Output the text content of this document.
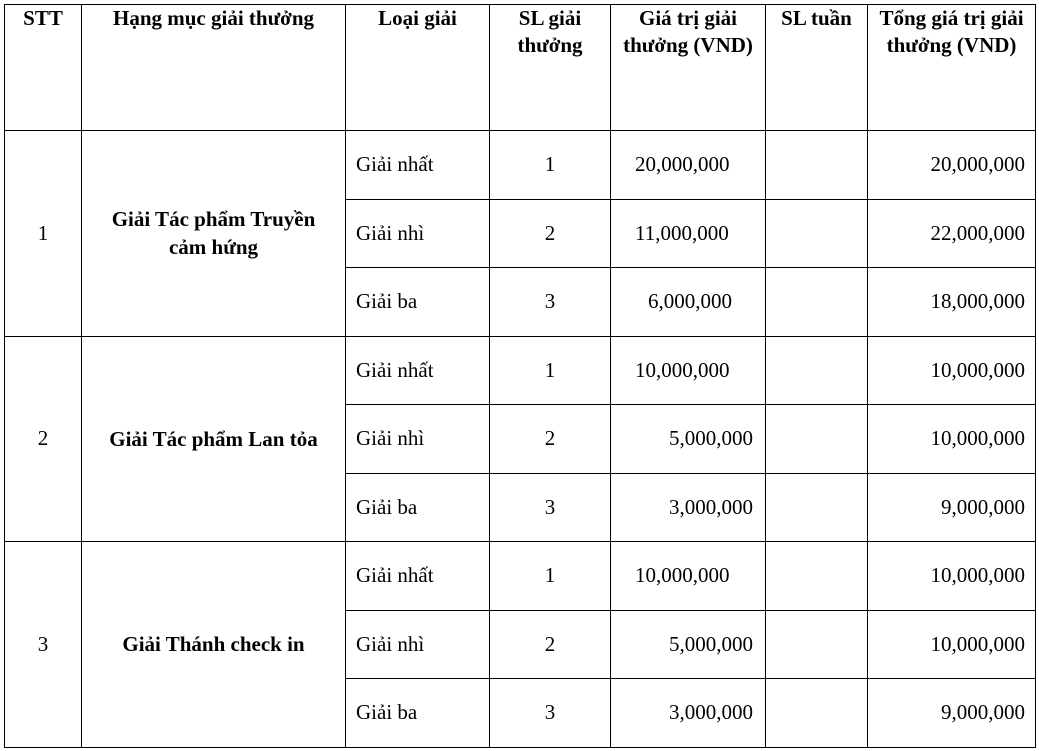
STT	Hạng mục giải thưởng	Loại giải	SL giải thưởng	Giá trị giải thưởng (VND)	SL tuần	Tổng giá trị giải thưởng (VND)
1	Giải Tác phẩm Truyền cảm hứng	Giải nhất	1	20,000,000		20,000,000
		Giải nhì	2	11,000,000		22,000,000
		Giải ba	3	6,000,000		18,000,000
2	Giải Tác phẩm Lan tỏa	Giải nhất	1	10,000,000		10,000,000
		Giải nhì	2	5,000,000		10,000,000
		Giải ba	3	3,000,000		9,000,000
3	Giải Thánh check in	Giải nhất	1	10,000,000		10,000,000
		Giải nhì	2	5,000,000		10,000,000
		Giải ba	3	3,000,000		9,000,000
